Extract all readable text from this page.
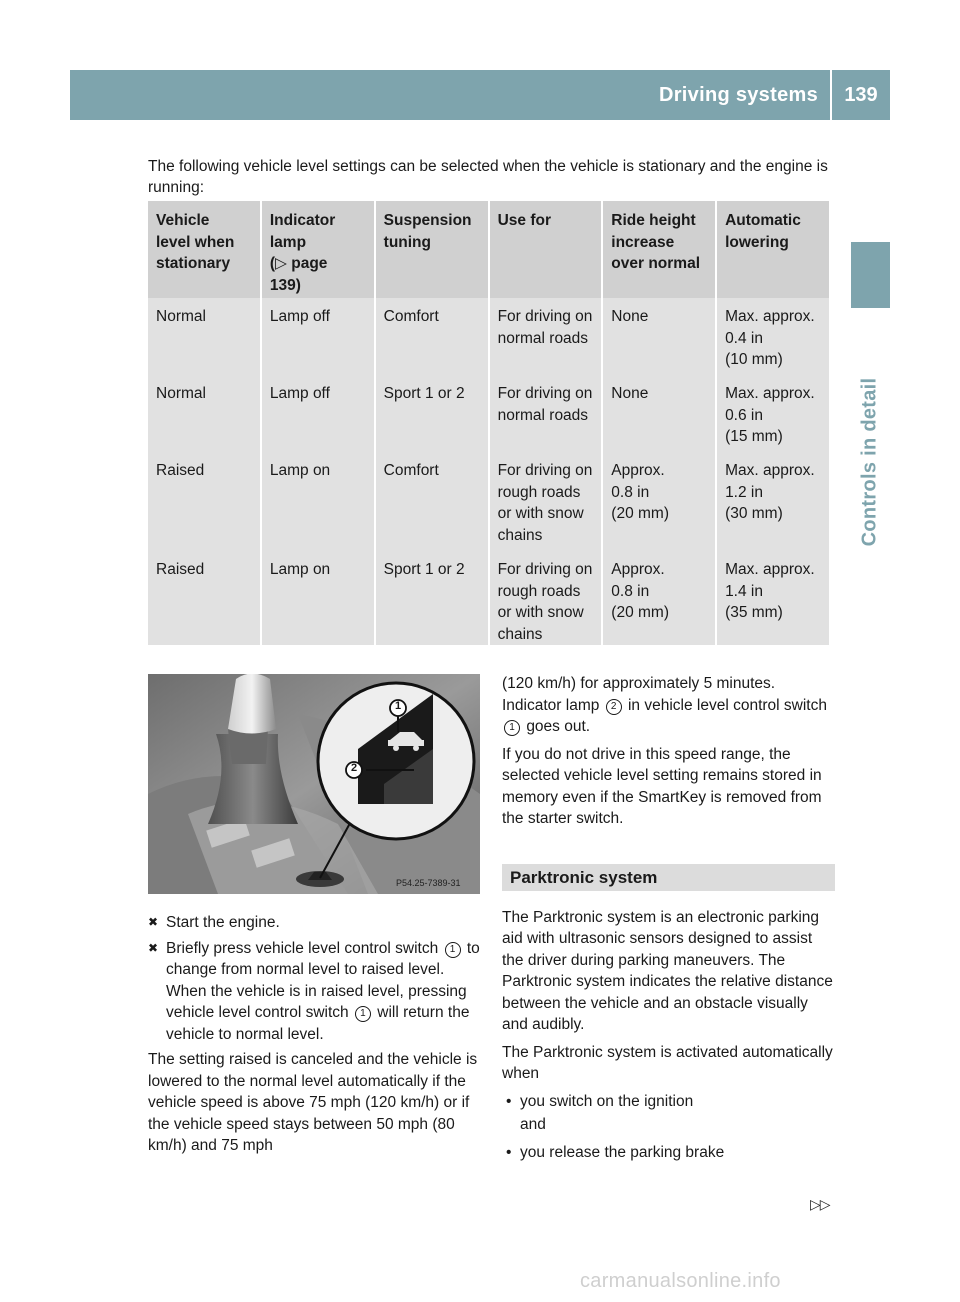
Driving systems	139
Controls in detail

The following vehicle level settings can be selected when the vehicle is stationary and the engine is running:

Vehicle
level when
stationary	Indicator
lamp
(▷ page
139)	Suspension
tuning	Use for	Ride height
increase
over normal	Automatic
lowering
Normal	Lamp off	Comfort	For driving on
normal roads	None	Max. approx.
0.4 in
(10 mm)
Normal	Lamp off	Sport 1 or 2	For driving on
normal roads	None	Max. approx.
0.6 in
(15 mm)
Raised	Lamp on	Comfort	For driving on
rough roads
or with snow
chains	Approx.
0.8 in
(20 mm)	Max. approx.
1.2 in
(30 mm)
Raised	Lamp on	Sport 1 or 2	For driving on
rough roads
or with snow
chains	Approx.
0.8 in
(20 mm)	Max. approx.
1.4 in
(35 mm)
1
2
P54.25-7389-31
✖ Start the engine.
✖ Briefly press vehicle level control switch 1 to change from normal level to raised level. When the vehicle is in raised level, pressing vehicle level control switch 1 will return the vehicle to normal level.

The setting raised is canceled and the vehicle is lowered to the normal level automatically if the vehicle speed is above 75 mph (120 km/h) or if the vehicle speed stays between 50 mph (80 km/h) and 75 mph

(120 km/h) for approximately 5 minutes. Indicator lamp 2 in vehicle level control switch 1 goes out.

If you do not drive in this speed range, the selected vehicle level setting remains stored in memory even if the SmartKey is removed from the starter switch.

Parktronic system

The Parktronic system is an electronic parking aid with ultrasonic sensors designed to assist the driver during parking maneuvers. The Parktronic system indicates the relative distance between the vehicle and an obstacle visually and audibly.

The Parktronic system is activated automatically when

• you switch on the ignition
and
• you release the parking brake
▷▷
carmanualsonline.info
